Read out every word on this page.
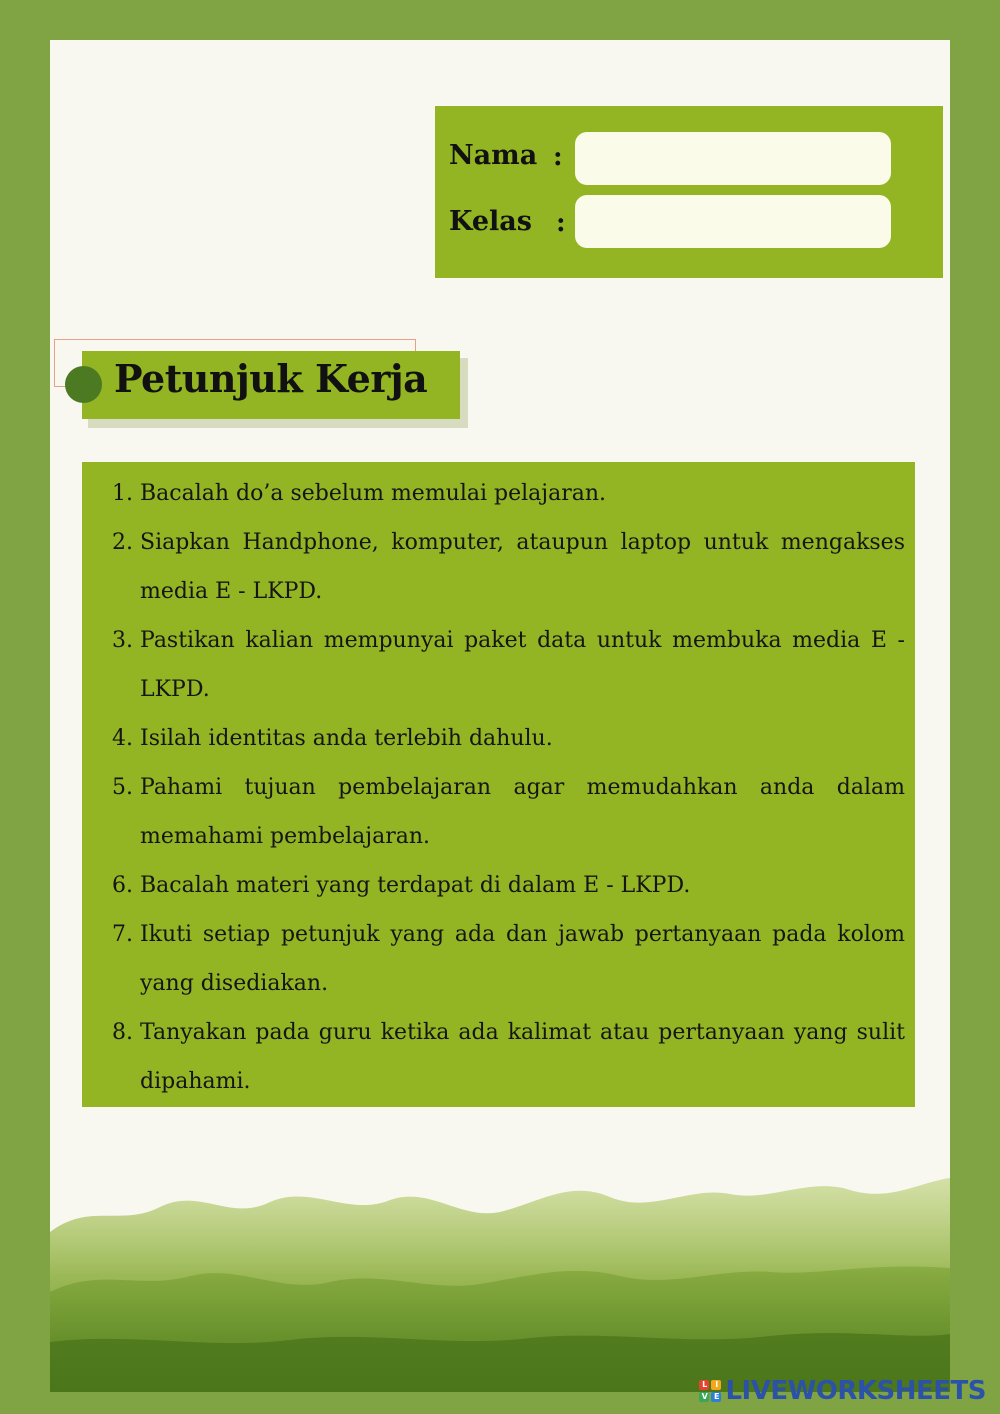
Nama :
Kelas :
Petunjuk Kerja
1. Bacalah do’a sebelum memulai pelajaran.
2. Siapkan Handphone, komputer, ataupun laptop untuk mengakses media E - LKPD.
3. Pastikan kalian mempunyai paket data untuk membuka media E - LKPD.
4. Isilah identitas anda terlebih dahulu.
5. Pahami tujuan pembelajaran agar memudahkan anda dalam memahami pembelajaran.
6. Bacalah materi yang terdapat di dalam E - LKPD.
7. Ikuti setiap petunjuk yang ada dan jawab pertanyaan pada kolom yang disediakan.
8. Tanyakan pada guru ketika ada kalimat atau pertanyaan yang sulit dipahami.
L	I
V E LIVEWORKSHEETS
